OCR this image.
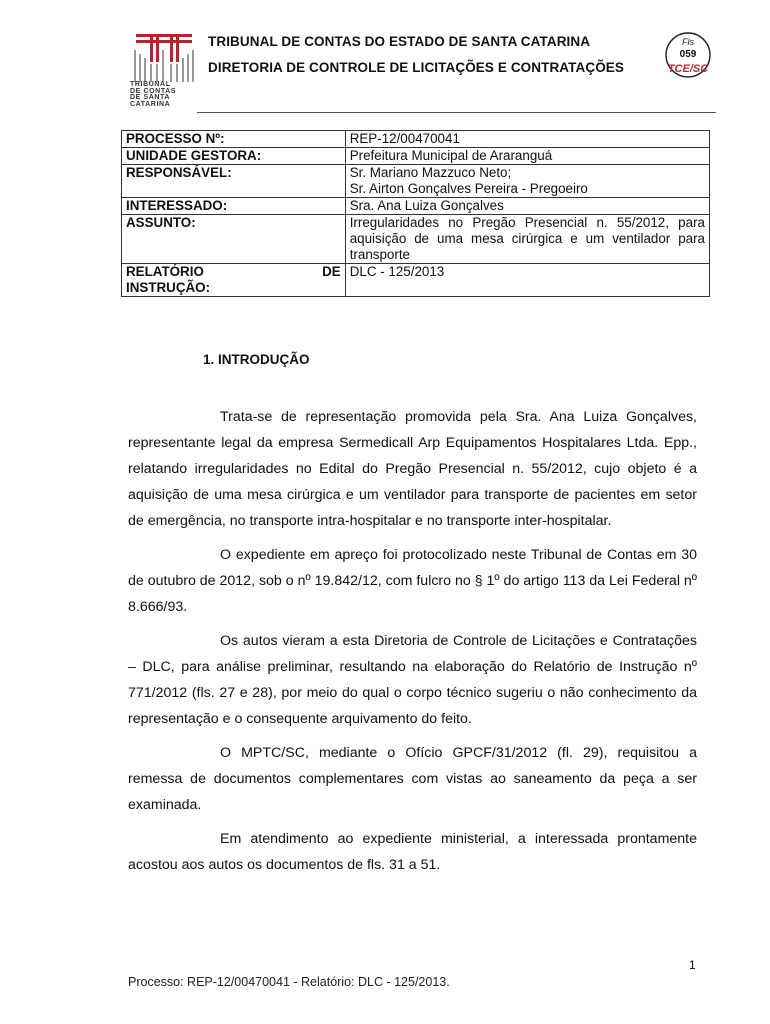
TRIBUNAL
DE CONTAS
DE SANTA
CATARINA
TRIBUNAL DE CONTAS DO ESTADO DE SANTA CATARINA
DIRETORIA DE CONTROLE DE LICITAÇÕES E CONTRATAÇÕES
Fls
059
TCE/SC
PROCESSO Nº:	REP-12/00470041
UNIDADE GESTORA:	Prefeitura Municipal de Araranguá
RESPONSÁVEL:	Sr. Mariano Mazzuco Neto;
Sr. Airton Gonçalves Pereira - Pregoeiro

INTERESSADO:	Sra. Ana Luiza Gonçalves
ASSUNTO:	Irregularidades no Pregão Presencial n. 55/2012, para aquisição de uma mesa cirúrgica e um ventilador para transporte

RELATÓRIO DE
INSTRUÇÃO:	DLC - 125/2013
1. INTRODUÇÃO

Trata-se de representação promovida pela Sra. Ana Luiza Gonçalves, representante legal da empresa Sermedicall Arp Equipamentos Hospitalares Ltda. Epp., relatando irregularidades no Edital do Pregão Presencial n. 55/2012, cujo objeto é a aquisição de uma mesa cirúrgica e um ventilador para transporte de pacientes em setor de emergência, no transporte intra-hospitalar e no transporte inter-hospitalar.

O expediente em apreço foi protocolizado neste Tribunal de Contas em 30 de outubro de 2012, sob o nº 19.842/12, com fulcro no § 1º do artigo 113 da Lei Federal nº 8.666/93.

Os autos vieram a esta Diretoria de Controle de Licitações e Contratações – DLC, para análise preliminar, resultando na elaboração do Relatório de Instrução nº 771/2012 (fls. 27 e 28), por meio do qual o corpo técnico sugeriu o não conhecimento da representação e o consequente arquivamento do feito.

O MPTC/SC, mediante o Ofício GPCF/31/2012 (fl. 29), requisitou a remessa de documentos complementares com vistas ao saneamento da peça a ser examinada.

Em atendimento ao expediente ministerial, a interessada prontamente acostou aos autos os documentos de fls. 31 a 51.

1
Processo: REP-12/00470041 - Relatório: DLC - 125/2013.
